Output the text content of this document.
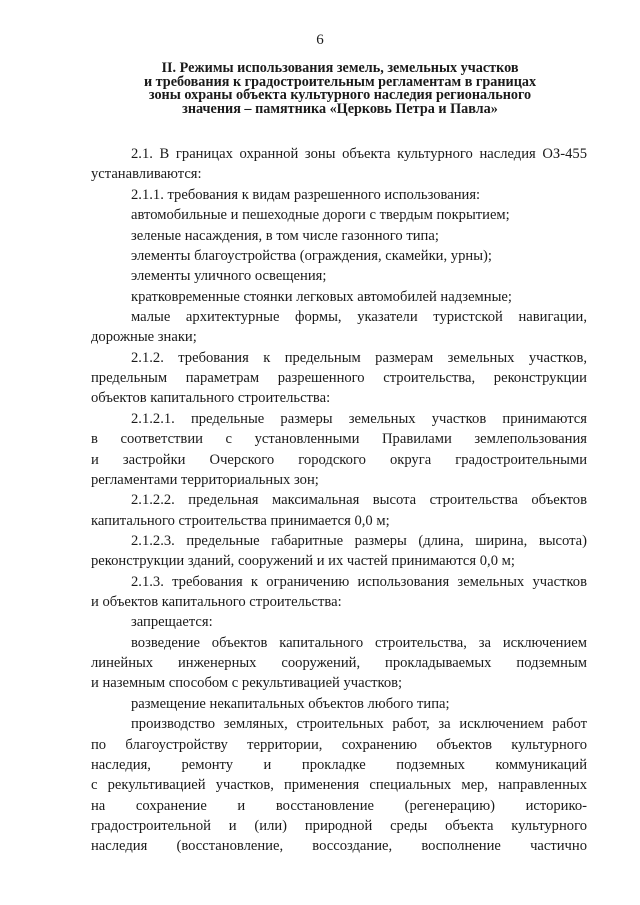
6
II. Режимы использования земель, земельных участков
и требования к градостроительным регламентам в границах
зоны охраны объекта культурного наследия регионального
значения – памятника «Церковь Петра и Павла»
2.1. В границах охранной зоны объекта культурного наследия ОЗ-455
устанавливаются:
2.1.1. требования к видам разрешенного использования:
автомобильные и пешеходные дороги с твердым покрытием;
зеленые насаждения, в том числе газонного типа;
элементы благоустройства (ограждения, скамейки, урны);
элементы уличного освещения;
кратковременные стоянки легковых автомобилей надземные;
малые архитектурные формы, указатели туристской навигации,
дорожные знаки;
2.1.2. требования к предельным размерам земельных участков,
предельным параметрам разрешенного строительства, реконструкции
объектов капитального строительства:
2.1.2.1. предельные размеры земельных участков принимаются
в соответствии с установленными Правилами землепользования
и застройки Очерского городского округа градостроительными
регламентами территориальных зон;
2.1.2.2. предельная максимальная высота строительства объектов
капитального строительства принимается 0,0 м;
2.1.2.3. предельные габаритные размеры (длина, ширина, высота)
реконструкции зданий, сооружений и их частей принимаются 0,0 м;
2.1.3. требования к ограничению использования земельных участков
и объектов капитального строительства:
запрещается:
возведение объектов капитального строительства, за исключением
линейных инженерных сооружений, прокладываемых подземным
и наземным способом с рекультивацией участков;
размещение некапитальных объектов любого типа;
производство земляных, строительных работ, за исключением работ
по благоустройству территории, сохранению объектов культурного
наследия, ремонту и прокладке подземных коммуникаций
с рекультивацией участков, применения специальных мер, направленных
на сохранение и восстановление (регенерацию) историко-
градостроительной и (или) природной среды объекта культурного
наследия (восстановление, воссоздание, восполнение частично
